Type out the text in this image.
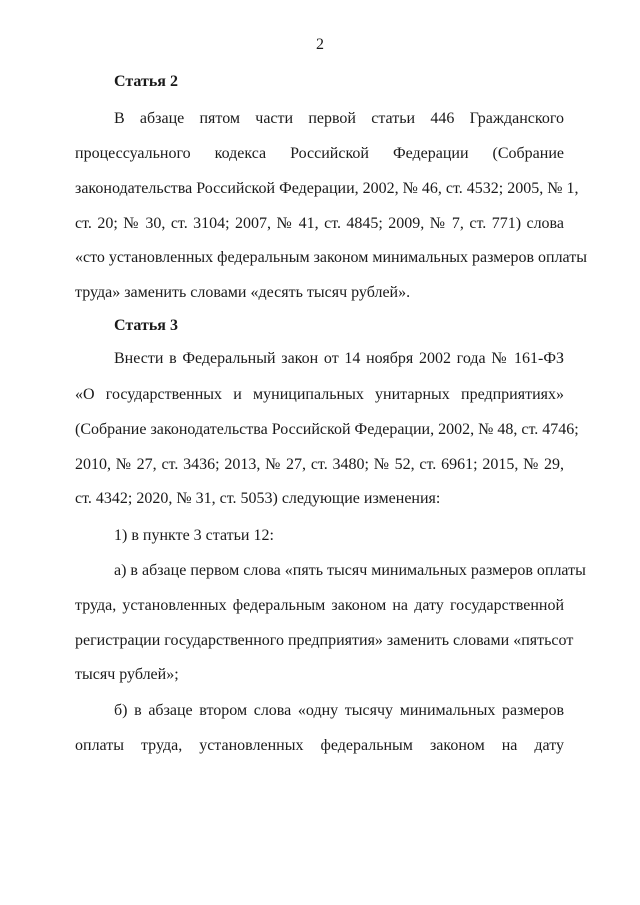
2
Статья 2
В абзаце пятом части первой статьи 446 Гражданского
процессуального кодекса Российской Федерации (Собрание
законодательства Российской Федерации, 2002, № 46, ст. 4532; 2005, № 1,
ст. 20; № 30, ст. 3104; 2007, № 41, ст. 4845; 2009, № 7, ст. 771) слова
«сто установленных федеральным законом минимальных размеров оплаты
труда» заменить словами «десять тысяч рублей».
Статья 3
Внести в Федеральный закон от 14 ноября 2002 года № 161-ФЗ
«О государственных и муниципальных унитарных предприятиях»
(Собрание законодательства Российской Федерации, 2002, № 48, ст. 4746;
2010, № 27, ст. 3436; 2013, № 27, ст. 3480; № 52, ст. 6961; 2015, № 29,
ст. 4342; 2020, № 31, ст. 5053) следующие изменения:
1) в пункте 3 статьи 12:
а) в абзаце первом слова «пять тысяч минимальных размеров оплаты
труда, установленных федеральным законом на дату государственной
регистрации государственного предприятия» заменить словами «пятьсот
тысяч рублей»;
б) в абзаце втором слова «одну тысячу минимальных размеров
оплаты труда, установленных федеральным законом на дату
